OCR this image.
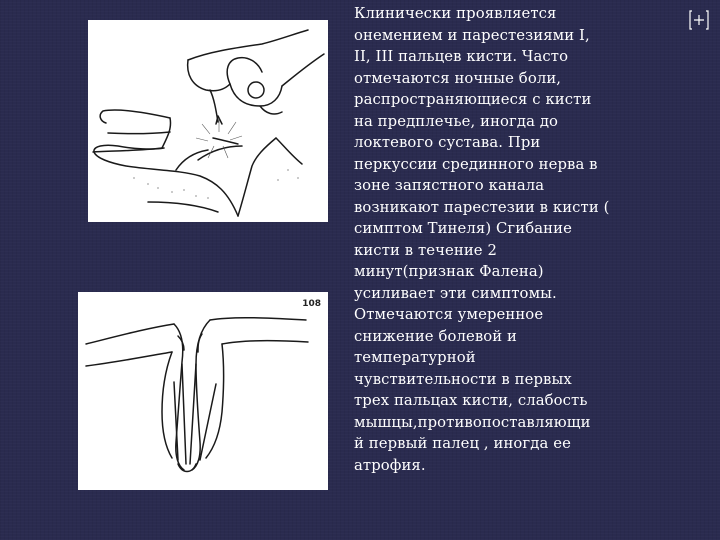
108

Клинически проявляется
онемением и парестезиями I,
II, III пальцев кисти. Часто
отмечаются ночные боли,
распространяющиеся с кисти
на предплечье, иногда до
локтевого сустава. При
перкуссии срединного нерва в
зоне запястного канала
возникают парестезии в кисти (
симптом Тинеля) Сгибание
кисти в течение 2
минут(признак Фалена)
усиливает эти симптомы.
Отмечаются умеренное
снижение болевой и
температурной
чувствительности в первых
трех пальцах кисти, слабость
мышцы,противопоставляющи
й первый палец , иногда ее
атрофия.
